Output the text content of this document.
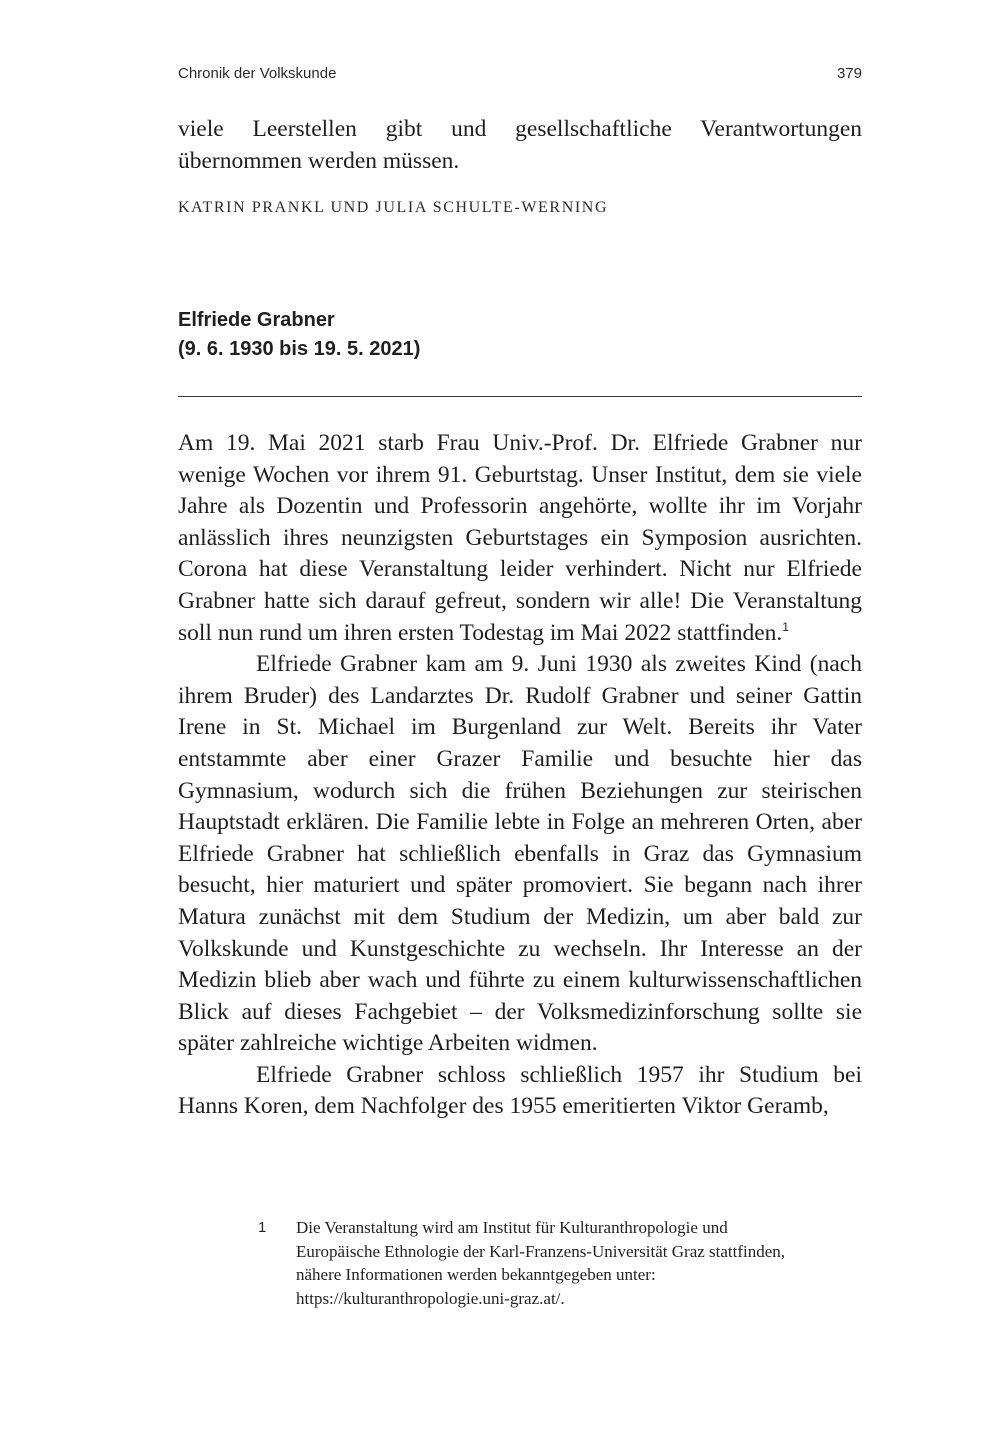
Chronik der Volkskunde	379

viele Leerstellen gibt und gesellschaftliche Verantwortungen übernommen werden müssen.

KATRIN PRANKL UND JULIA SCHULTE-WERNING
Elfriede Grabner
(9. 6. 1930 bis 19. 5. 2021)

Am 19. Mai 2021 starb Frau Univ.-Prof. Dr. Elfriede Grabner nur wenige Wochen vor ihrem 91. Geburtstag. Unser Institut, dem sie viele Jahre als Dozentin und Professorin angehörte, wollte ihr im Vorjahr anlässlich ihres neunzigsten Geburtstages ein Symposion ausrichten. Corona hat diese Veranstaltung leider verhindert. Nicht nur Elfriede Grabner hatte sich darauf gefreut, sondern wir alle! Die Veranstaltung soll nun rund um ihren ersten Todestag im Mai 2022 stattfinden.$^1$

Elfriede Grabner kam am 9. Juni 1930 als zweites Kind (nach ihrem Bruder) des Landarztes Dr. Rudolf Grabner und seiner Gattin Irene in St. Michael im Burgenland zur Welt. Bereits ihr Vater entstammte aber einer Grazer Familie und besuchte hier das Gymnasium, wodurch sich die frühen Beziehungen zur steirischen Hauptstadt erklären. Die Familie lebte in Folge an mehreren Orten, aber Elfriede Grabner hat schließlich ebenfalls in Graz das Gymnasium besucht, hier maturiert und später promoviert. Sie begann nach ihrer Matura zunächst mit dem Studium der Medizin, um aber bald zur Volkskunde und Kunstgeschichte zu wechseln. Ihr Interesse an der Medizin blieb aber wach und führte zu einem kulturwissenschaftlichen Blick auf dieses Fachgebiet – der Volksmedizinforschung sollte sie später zahlreiche wichtige Arbeiten widmen.

Elfriede Grabner schloss schließlich 1957 ihr Studium bei Hanns Koren, dem Nachfolger des 1955 emeritierten Viktor Geramb,

1 Die Veranstaltung wird am Institut für Kulturanthropologie und Europäische Ethnologie der Karl-Franzens-Universität Graz stattfinden, nähere Informationen werden bekanntgegeben unter: https://kulturanthropologie.uni-graz.at/.
